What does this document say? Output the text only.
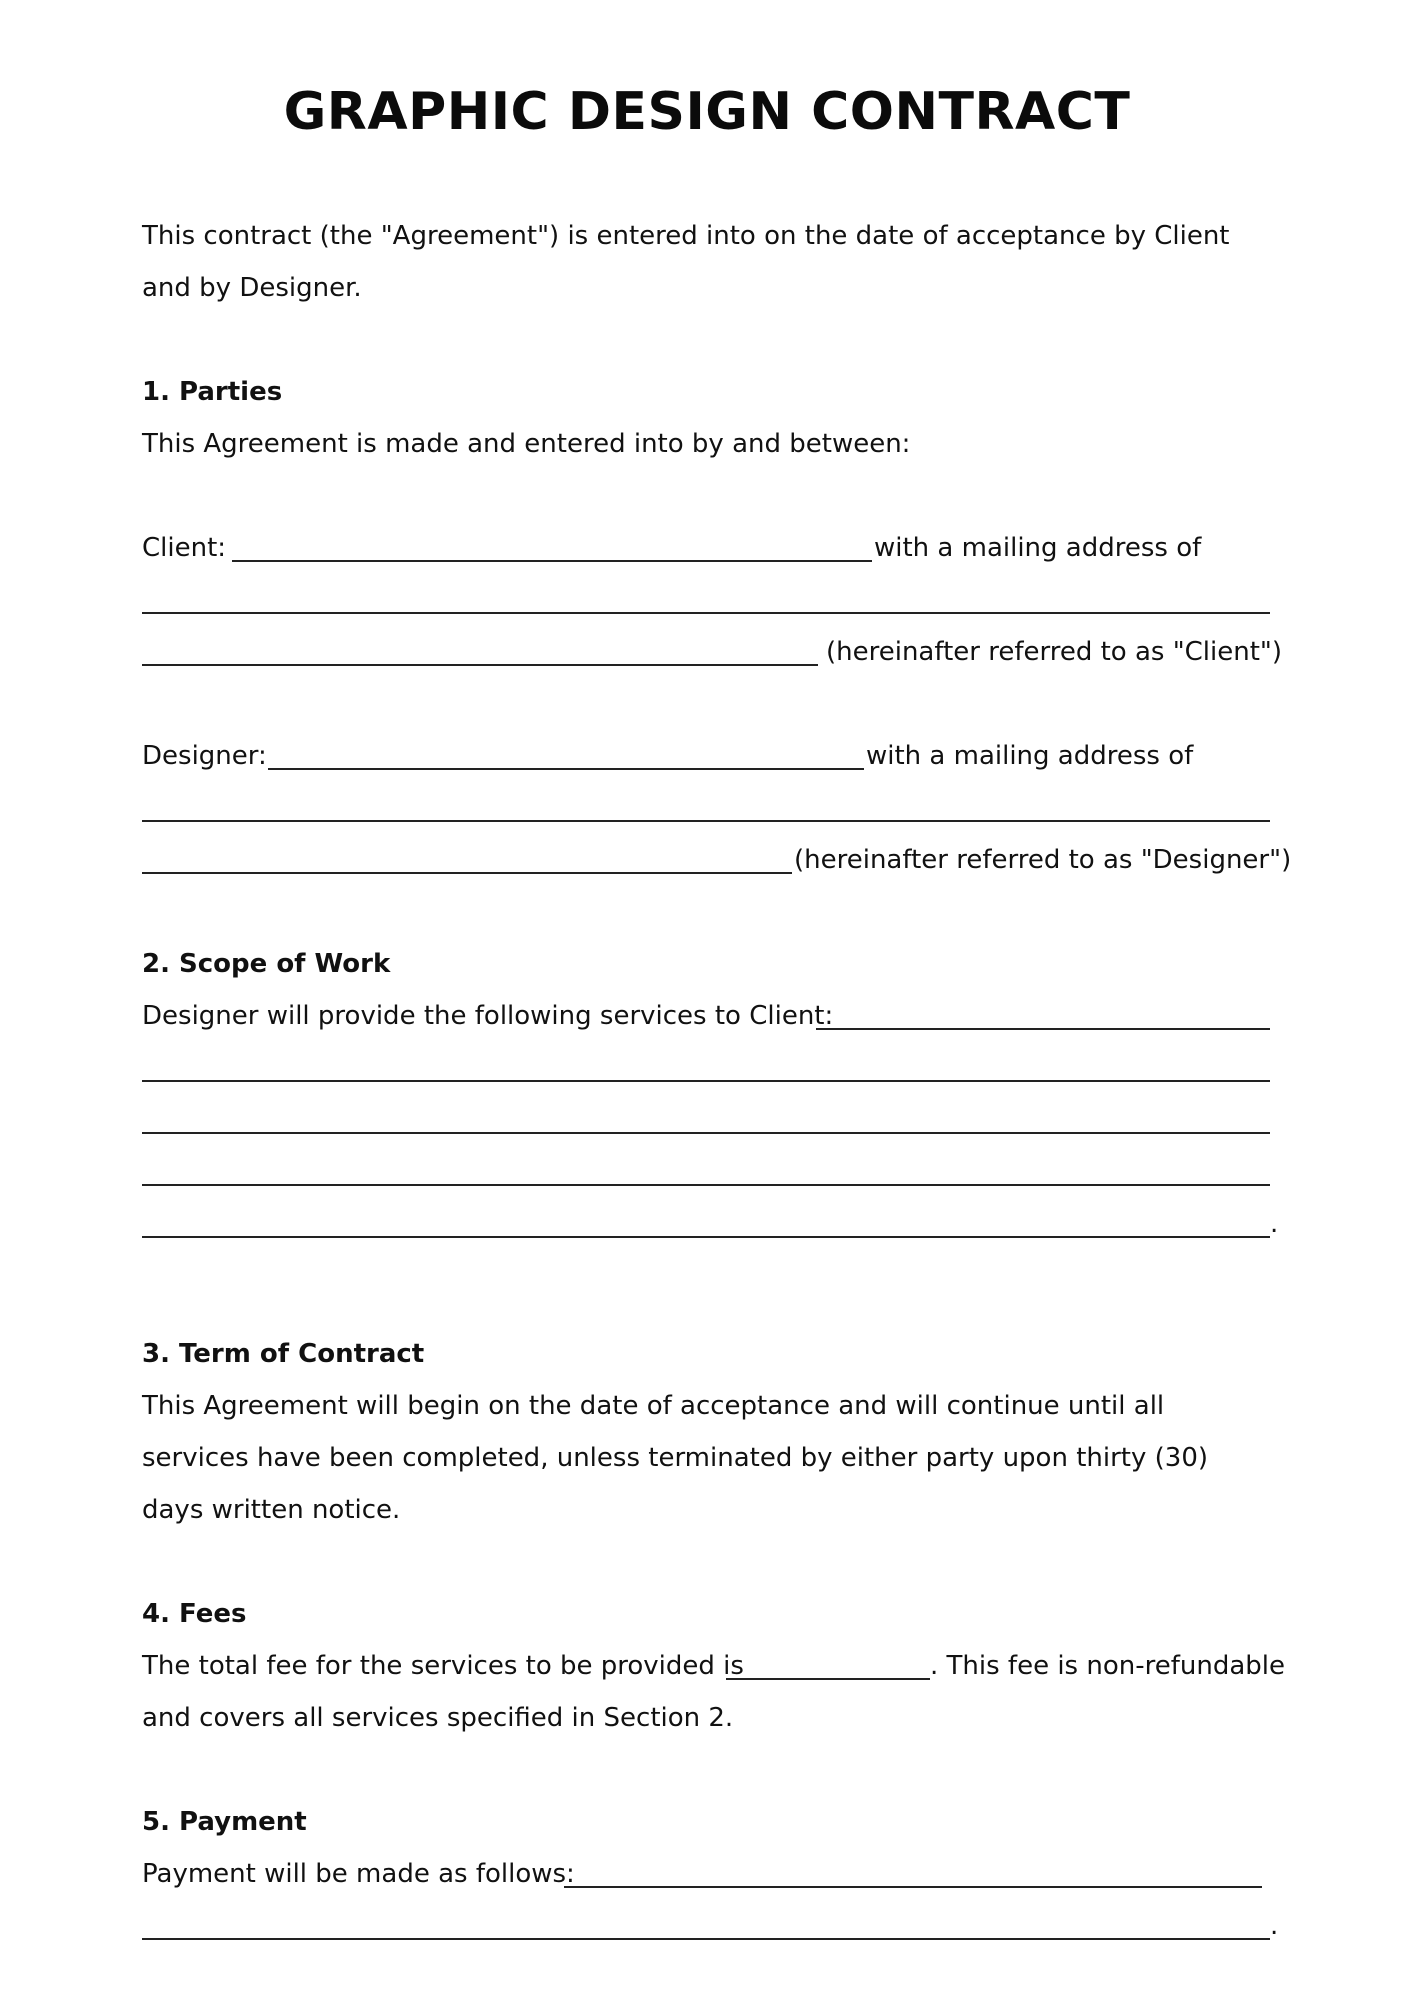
GRAPHIC DESIGN CONTRACT

This contract (the "Agreement") is entered into on the date of acceptance by Client and by Designer.

1. Parties
This Agreement is made and entered into by and between:
Client:	with a mailing address of
(hereinafter referred to as "Client")
Designer:	with a mailing address of
(hereinafter referred to as "Designer")
2. Scope of Work
Designer will provide the following services to Client:
.
3. Term of Contract

This Agreement will begin on the date of acceptance and will continue until all services have been completed, unless terminated by either party upon thirty (30) days written notice.

4. Fees
The total fee for the services to be provided is	. This fee is non-refundable
and covers all services specified in Section 2.
5. Payment
Payment will be made as follows:
.
